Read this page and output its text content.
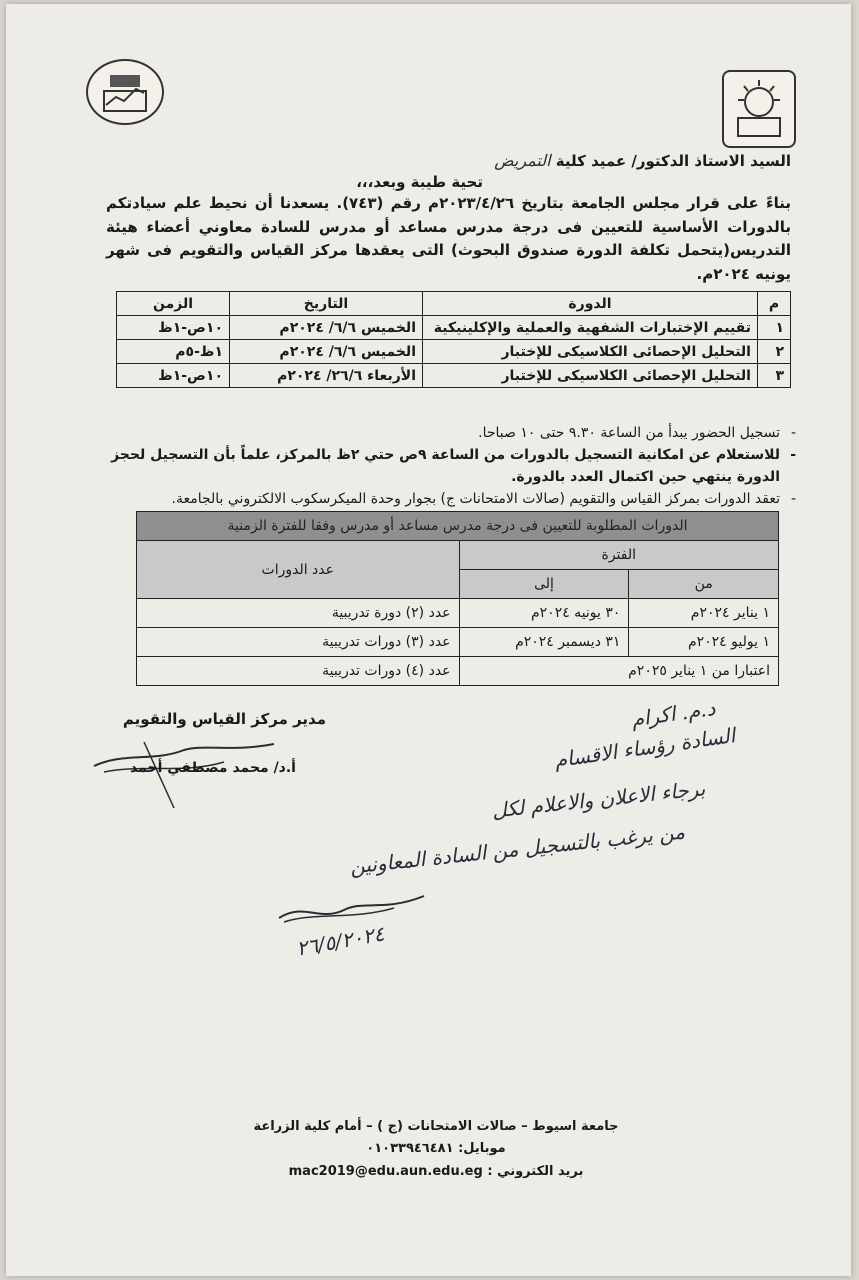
السيد الاستاذ الدكتور/ عميد كلية التمريض
تحية طيبة وبعد،،،
بناءً على قرار مجلس الجامعة بتاريخ ٢٠٢٣/٤/٢٦م رقم (٧٤٣). يسعدنا أن نحيط علم سيادتكم بالدورات الأساسية للتعيين فى درجة مدرس مساعد أو مدرس للسادة معاوني أعضاء هيئة التدريس(يتحمل تكلفة الدورة صندوق البحوث) التى يعقدها مركز القياس والتقويم فى شهر يونيه ٢٠٢٤م.
م	الدورة	التاريخ	الزمن
١	تقييم الإختبارات الشفهية والعملية والإكلينيكية	الخميس ٦/٦/ ٢٠٢٤م	١٠ص-١ظ
٢	التحليل الإحصائى الكلاسيكى للإختبار	الخميس ٦/٦/ ٢٠٢٤م	١ظ-٥م
٣	التحليل الإحصائى الكلاسيكى للإختبار	الأربعاء ٢٦/٦/ ٢٠٢٤م	١٠ص-١ظ
- تسجيل الحضور يبدأ من الساعة ٩.٣٠ حتى ١٠ صباحا.
- للاستعلام عن امكانية التسجيل بالدورات من الساعة ٩ص حتي ٢ظ بالمركز، علماً بأن التسجيل لحجز الدورة ينتهي حين اكتمال العدد بالدورة.
- تعقد الدورات بمركز القياس والتقويم (صالات الامتحانات ج) بجوار وحدة الميكرسكوب الالكتروني بالجامعة.
الدورات المطلوبة للتعيين فى درجة مدرس مساعد أو مدرس وفقا للفترة الزمنية		
الفترة		عدد الدورات
من	إلى	
١ يناير ٢٠٢٤م	٣٠ يونيه ٢٠٢٤م	عدد (٢) دورة تدريبية
١ يوليو ٢٠٢٤م	٣١ ديسمبر ٢٠٢٤م	عدد (٣) دورات تدريبية
اعتبارا من ١ يناير ٢٠٢٥م		عدد (٤) دورات تدريبية
مدير مركز القياس والتقويم
أ.د/ محمد مصطفي أحمد
د.م. اكرام
السادة رؤساء الاقسام
برجاء الاعلان والاعلام لكل
من يرغب بالتسجيل من السادة المعاونين
٢٦/٥/٢٠٢٤
جامعة اسيوط – صالات الامتحانات (ج ) – أمام كلية الزراعة
موبايل: ٠١٠٣٣٩٤٦٤٨١
بريد الكتروني : mac2019@edu.aun.edu.eg
